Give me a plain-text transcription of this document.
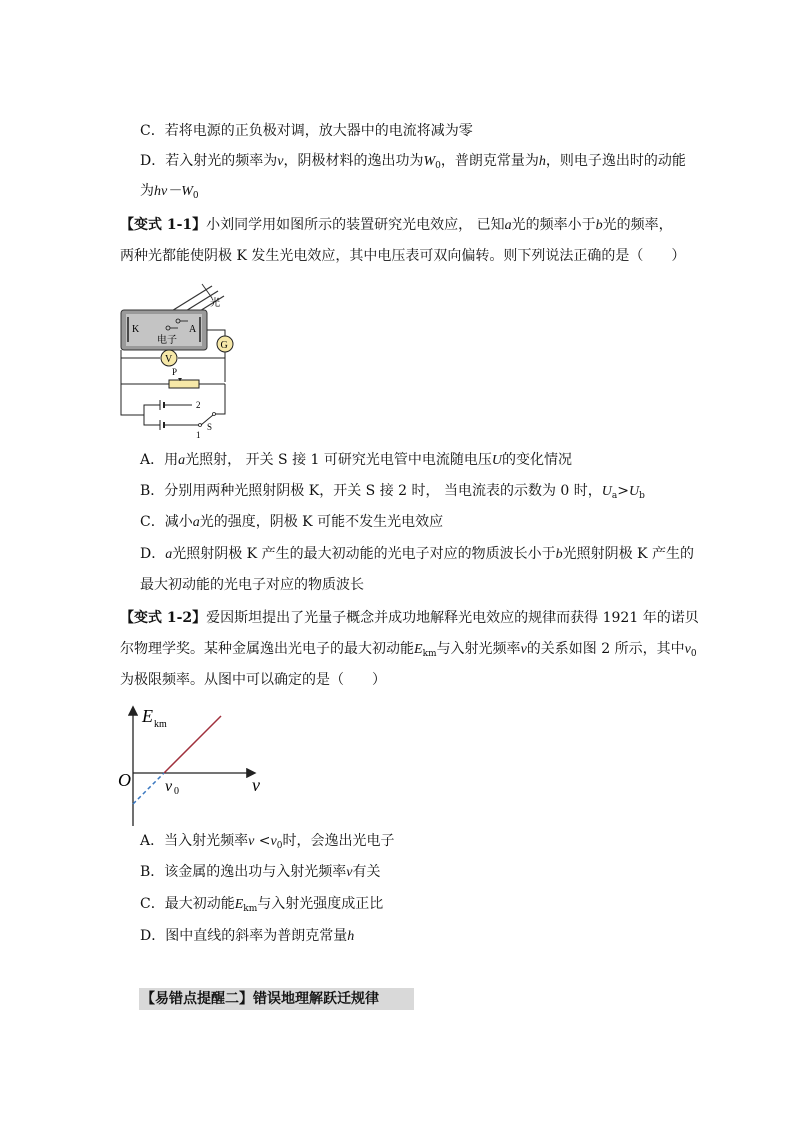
C．若将电源的正负极对调，放大器中的电流将减为零
D．若入射光的频率为ν，阴极材料的逸出功为$W_0$，普朗克常量为h，则电子逸出时的动能
为$h\nu-W_0$
【变式 1-1】小刘同学用如图所示的装置研究光电效应， 已知a光的频率小于b光的频率，
两种光都能使阴极 K 发生光电效应，其中电压表可双向偏转。则下列说法正确的是（　　）
光
K	A
电子	G
V
P
2
1
S
A．用a光照射， 开关 S 接 1 可研究光电管中电流随电压U的变化情况
B．分别用两种光照射阴极 K，开关 S 接 2 时， 当电流表的示数为 0 时，$U_a>U_b$
C．减小a光的强度，阴极 K 可能不发生光电效应
D．a光照射阴极 K 产生的最大初动能的光电子对应的物质波长小于b光照射阴极 K 产生的
最大初动能的光电子对应的物质波长
【变式 1-2】爱因斯坦提出了光量子概念并成功地解释光电效应的规律而获得 1921 年的诺贝
尔物理学奖。某种金属逸出光电子的最大初动能$E_{km}$与入射光频率ν的关系如图 2 所示，其中$\nu_0$
为极限频率。从图中可以确定的是（　　）
E km
O ν 0	ν
A．当入射光频率$\nu <\nu_0$时，会逸出光电子
B．该金属的逸出功与入射光频率ν有关
C．最大初动能$E_{km}$与入射光强度成正比
D．图中直线的斜率为普朗克常量h
【易错点提醒二】错误地理解跃迁规律
